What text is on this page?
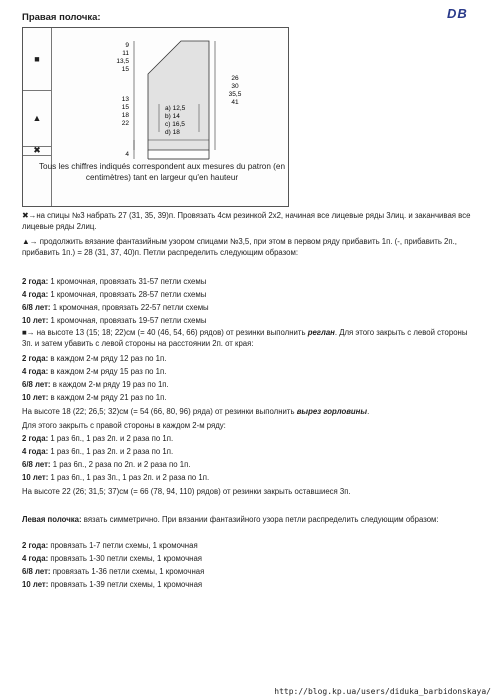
Правая полочка:	DB
■
▲
✖
9
11
13,5
15
13
15
18
22
26
30
35,5
41
4
a) 12,5
b) 14
c) 16,5
d) 18
Tous les chiffres indiqués correspondent aux mesures du patron (en centimètres) tant en largeur qu'en hauteur
✖→на спицы №3 набрать 27 (31, 35, 39)п. Провязать 4см резинкой 2х2, начиная все лицевые ряды 3лиц. и заканчивая все лицевые ряды 2лиц.
▲→ продолжить вязание фантазийным узором спицами №3,5, при этом в первом ряду прибавить 1п. (-, прибавить 2п., прибавить 1п.) = 28 (31, 37, 40)п. Петли распределить следующим образом:
2 года: 1 кромочная, провязать 31-57 петли схемы
4 года: 1 кромочная, провязать 28-57 петли схемы
6/8 лет: 1 кромочная, провязать 22-57 петли схемы
10 лет: 1 кромочная, провязать 19-57 петли схемы
■→ на высоте 13 (15; 18; 22)см (= 40 (46, 54, 66) рядов) от резинки выполнить реглан. Для этого закрыть с левой стороны 3п. и затем убавить с левой стороны на расстоянии 2п. от края:
2 года: в каждом 2-м ряду 12 раз по 1п.
4 года: в каждом 2-м ряду 15 раз по 1п.
6/8 лет: в каждом 2-м ряду 19 раз по 1п.
10 лет: в каждом 2-м ряду 21 раз по 1п.
На высоте 18 (22; 26,5; 32)см (= 54 (66, 80, 96) ряда) от резинки выполнить вырез горловины.
Для этого закрыть с правой стороны в каждом 2-м ряду:
2 года: 1 раз 6п., 1 раз 2п. и 2 раза по 1п.
4 года: 1 раз 6п., 1 раз 2п. и 2 раза по 1п.
6/8 лет: 1 раз 6п., 2 раза по 2п. и 2 раза по 1п.
10 лет: 1 раз 6п., 1 раз 3п., 1 раз 2п. и 2 раза по 1п.
На высоте 22 (26; 31,5; 37)см (= 66 (78, 94, 110) рядов) от резинки закрыть оставшиеся 3п.
Левая полочка: вязать симметрично. При вязании фантазийного узора петли распределить следующим образом:
2 года: провязать 1-7 петли схемы, 1 кромочная
4 года: провязать 1-30 петли схемы, 1 кромочная
6/8 лет: провязать 1-36 петли схемы, 1 кромочная
10 лет: провязать 1-39 петли схемы, 1 кромочная
http://blog.kp.ua/users/diduka_barbidonskaya/
